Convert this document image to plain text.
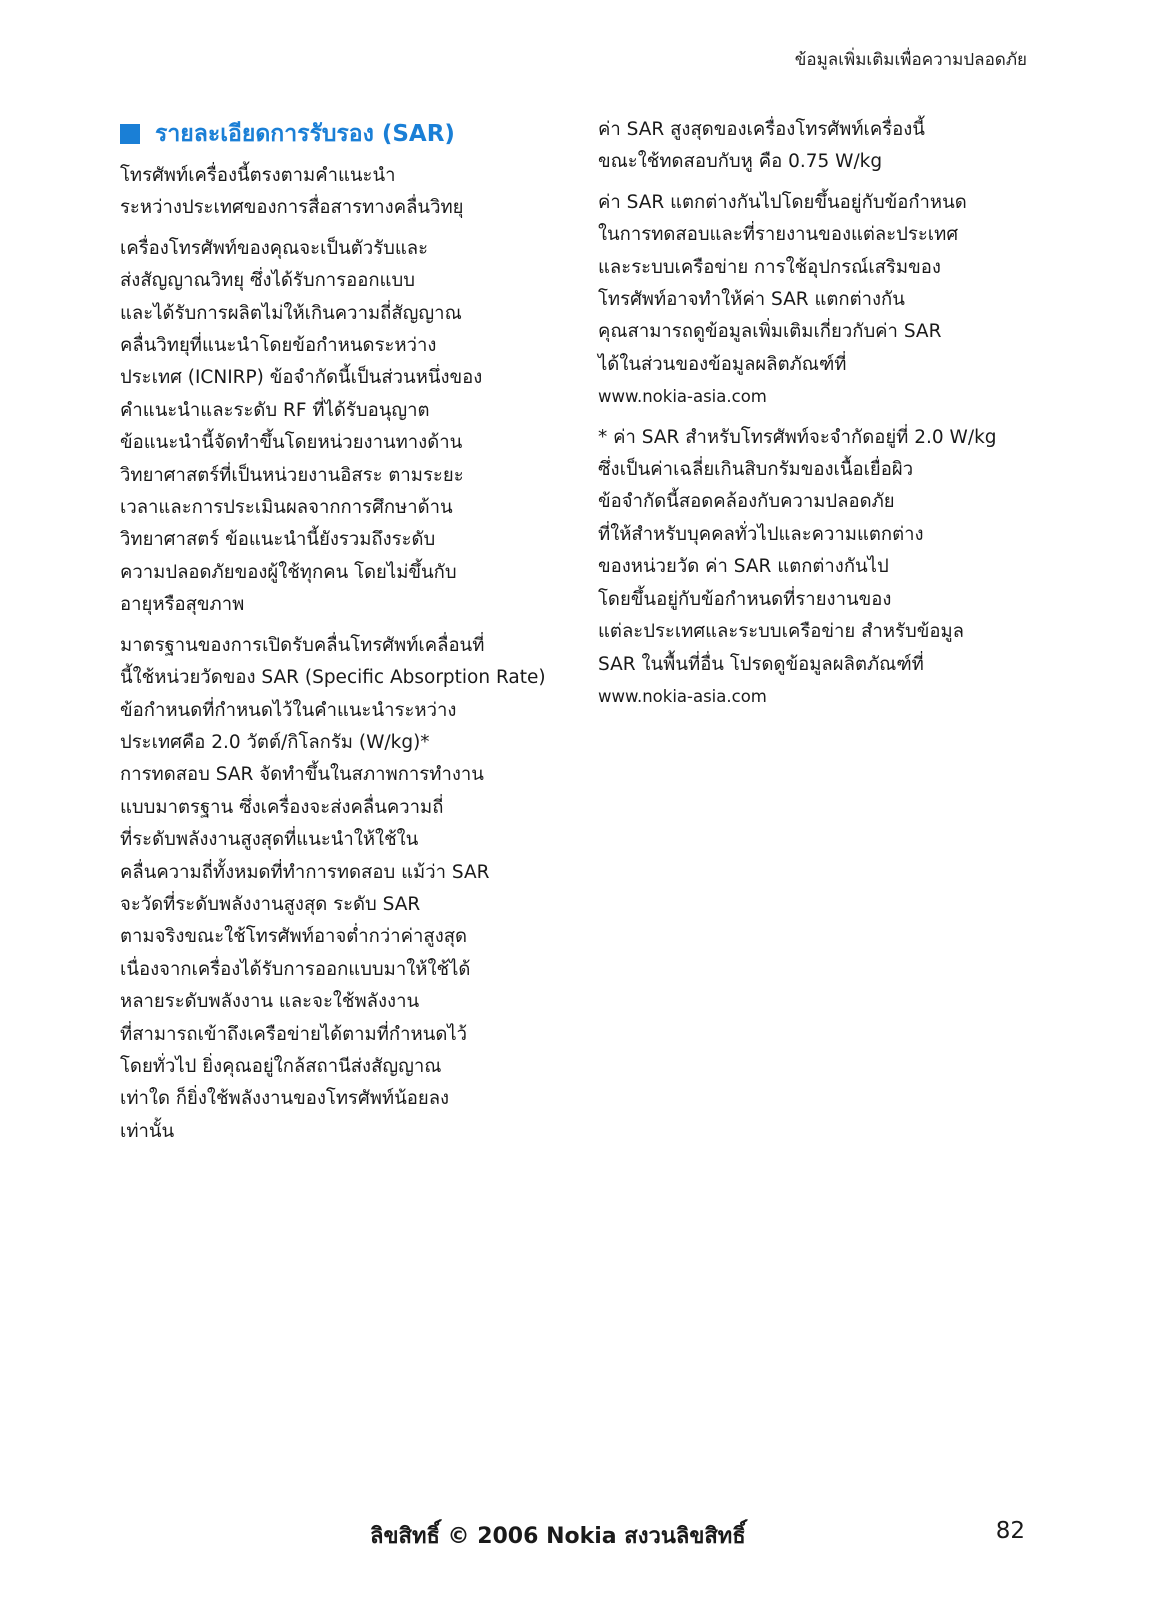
ข้อมูลเพิ่มเติมเพื่อความปลอดภัย
รายละเอียดการรับรอง (SAR)

โทรศัพท์เครื่องนี้ตรงตามคำแนะนำ
ระหว่างประเทศของการสื่อสารทางคลื่นวิทยุ

เครื่องโทรศัพท์ของคุณจะเป็นตัวรับและ
ส่งสัญญาณวิทยุ ซึ่งได้รับการออกแบบ
และได้รับการผลิตไม่ให้เกินความถี่สัญญาณ
คลื่นวิทยุที่แนะนำโดยข้อกำหนดระหว่าง
ประเทศ (ICNIRP) ข้อจำกัดนี้เป็นส่วนหนึ่งของ
คำแนะนำและระดับ RF ที่ได้รับอนุญาต
ข้อแนะนำนี้จัดทำขึ้นโดยหน่วยงานทางด้าน
วิทยาศาสตร์ที่เป็นหน่วยงานอิสระ ตามระยะ
เวลาและการประเมินผลจากการศึกษาด้าน
วิทยาศาสตร์ ข้อแนะนำนี้ยังรวมถึงระดับ
ความปลอดภัยของผู้ใช้ทุกคน โดยไม่ขึ้นกับ
อายุหรือสุขภาพ

มาตรฐานของการเปิดรับคลื่นโทรศัพท์เคลื่อนที่
นี้ใช้หน่วยวัดของ SAR (Specific Absorption Rate)
ข้อกำหนดที่กำหนดไว้ในคำแนะนำระหว่าง
ประเทศคือ 2.0 วัตต์/กิโลกรัม (W/kg)*
การทดสอบ SAR จัดทำขึ้นในสภาพการทำงาน
แบบมาตรฐาน ซึ่งเครื่องจะส่งคลื่นความถี่
ที่ระดับพลังงานสูงสุดที่แนะนำให้ใช้ใน
คลื่นความถี่ทั้งหมดที่ทำการทดสอบ แม้ว่า SAR
จะวัดที่ระดับพลังงานสูงสุด ระดับ SAR
ตามจริงขณะใช้โทรศัพท์อาจต่ำกว่าค่าสูงสุด
เนื่องจากเครื่องได้รับการออกแบบมาให้ใช้ได้
หลายระดับพลังงาน และจะใช้พลังงาน
ที่สามารถเข้าถึงเครือข่ายได้ตามที่กำหนดไว้
โดยทั่วไป ยิ่งคุณอยู่ใกล้สถานีส่งสัญญาณ
เท่าใด ก็ยิ่งใช้พลังงานของโทรศัพท์น้อยลง
เท่านั้น

ค่า SAR สูงสุดของเครื่องโทรศัพท์เครื่องนี้
ขณะใช้ทดสอบกับหู คือ 0.75 W/kg

ค่า SAR แตกต่างกันไปโดยขึ้นอยู่กับข้อกำหนด
ในการทดสอบและที่รายงานของแต่ละประเทศ
และระบบเครือข่าย การใช้อุปกรณ์เสริมของ
โทรศัพท์อาจทำให้ค่า SAR แตกต่างกัน
คุณสามารถดูข้อมูลเพิ่มเติมเกี่ยวกับค่า SAR
ได้ในส่วนของข้อมูลผลิตภัณฑ์ที่
www.nokia-asia.com

* ค่า SAR สำหรับโทรศัพท์จะจำกัดอยู่ที่ 2.0 W/kg
ซึ่งเป็นค่าเฉลี่ยเกินสิบกรัมของเนื้อเยื่อผิว
ข้อจำกัดนี้สอดคล้องกับความปลอดภัย
ที่ให้สำหรับบุคคลทั่วไปและความแตกต่าง
ของหน่วยวัด ค่า SAR แตกต่างกันไป
โดยขึ้นอยู่กับข้อกำหนดที่รายงานของ
แต่ละประเทศและระบบเครือข่าย สำหรับข้อมูล
SAR ในพื้นที่อื่น โปรดดูข้อมูลผลิตภัณฑ์ที่
www.nokia-asia.com

ลิขสิทธิ์ © 2006 Nokia สงวนลิขสิทธิ์	82
